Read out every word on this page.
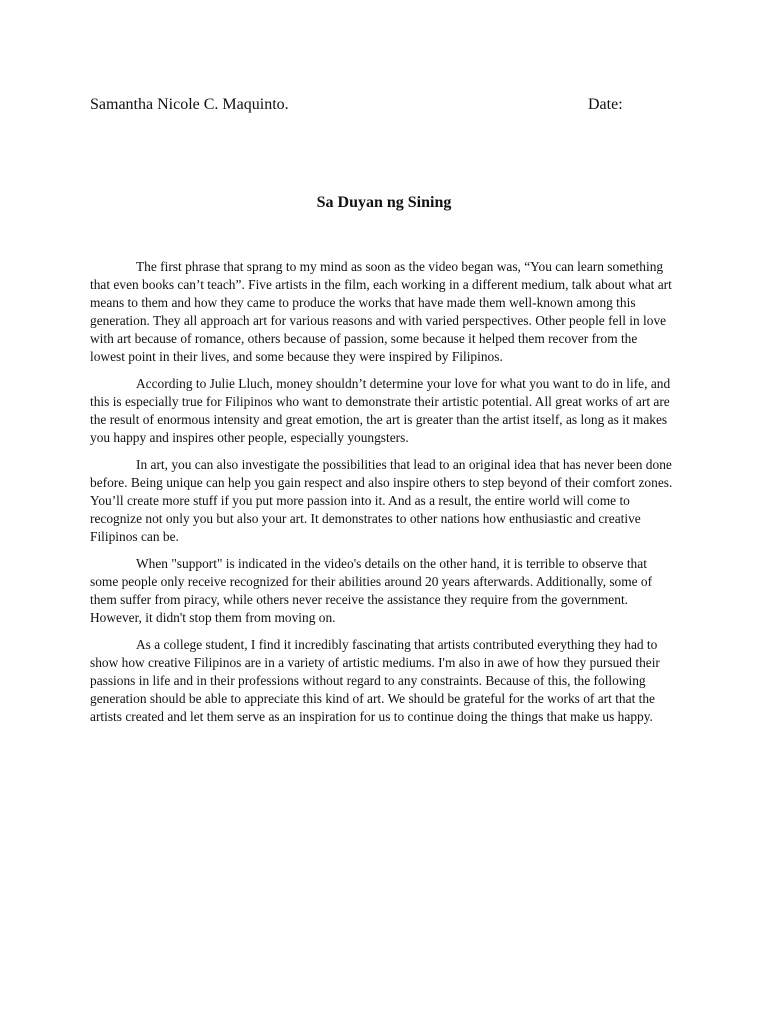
Samantha Nicole C. Maquinto.	Date:
Sa Duyan ng Sining

The first phrase that sprang to my mind as soon as the video began was, “You can learn something that even books can’t teach”. Five artists in the film, each working in a different medium, talk about what art means to them and how they came to produce the works that have made them well-known among this generation. They all approach art for various reasons and with varied perspectives. Other people fell in love with art because of romance, others because of passion, some because it helped them recover from the lowest point in their lives, and some because they were inspired by Filipinos.

According to Julie Lluch, money shouldn’t determine your love for what you want to do in life, and this is especially true for Filipinos who want to demonstrate their artistic potential. All great works of art are the result of enormous intensity and great emotion, the art is greater than the artist itself, as long as it makes you happy and inspires other people, especially youngsters.

In art, you can also investigate the possibilities that lead to an original idea that has never been done before. Being unique can help you gain respect and also inspire others to step beyond of their comfort zones. You’ll create more stuff if you put more passion into it. And as a result, the entire world will come to recognize not only you but also your art. It demonstrates to other nations how enthusiastic and creative Filipinos can be.

When "support" is indicated in the video's details on the other hand, it is terrible to observe that some people only receive recognized for their abilities around 20 years afterwards. Additionally, some of them suffer from piracy, while others never receive the assistance they require from the government. However, it didn't stop them from moving on.

As a college student, I find it incredibly fascinating that artists contributed everything they had to show how creative Filipinos are in a variety of artistic mediums. I'm also in awe of how they pursued their passions in life and in their professions without regard to any constraints. Because of this, the following generation should be able to appreciate this kind of art. We should be grateful for the works of art that the artists created and let them serve as an inspiration for us to continue doing the things that make us happy.
